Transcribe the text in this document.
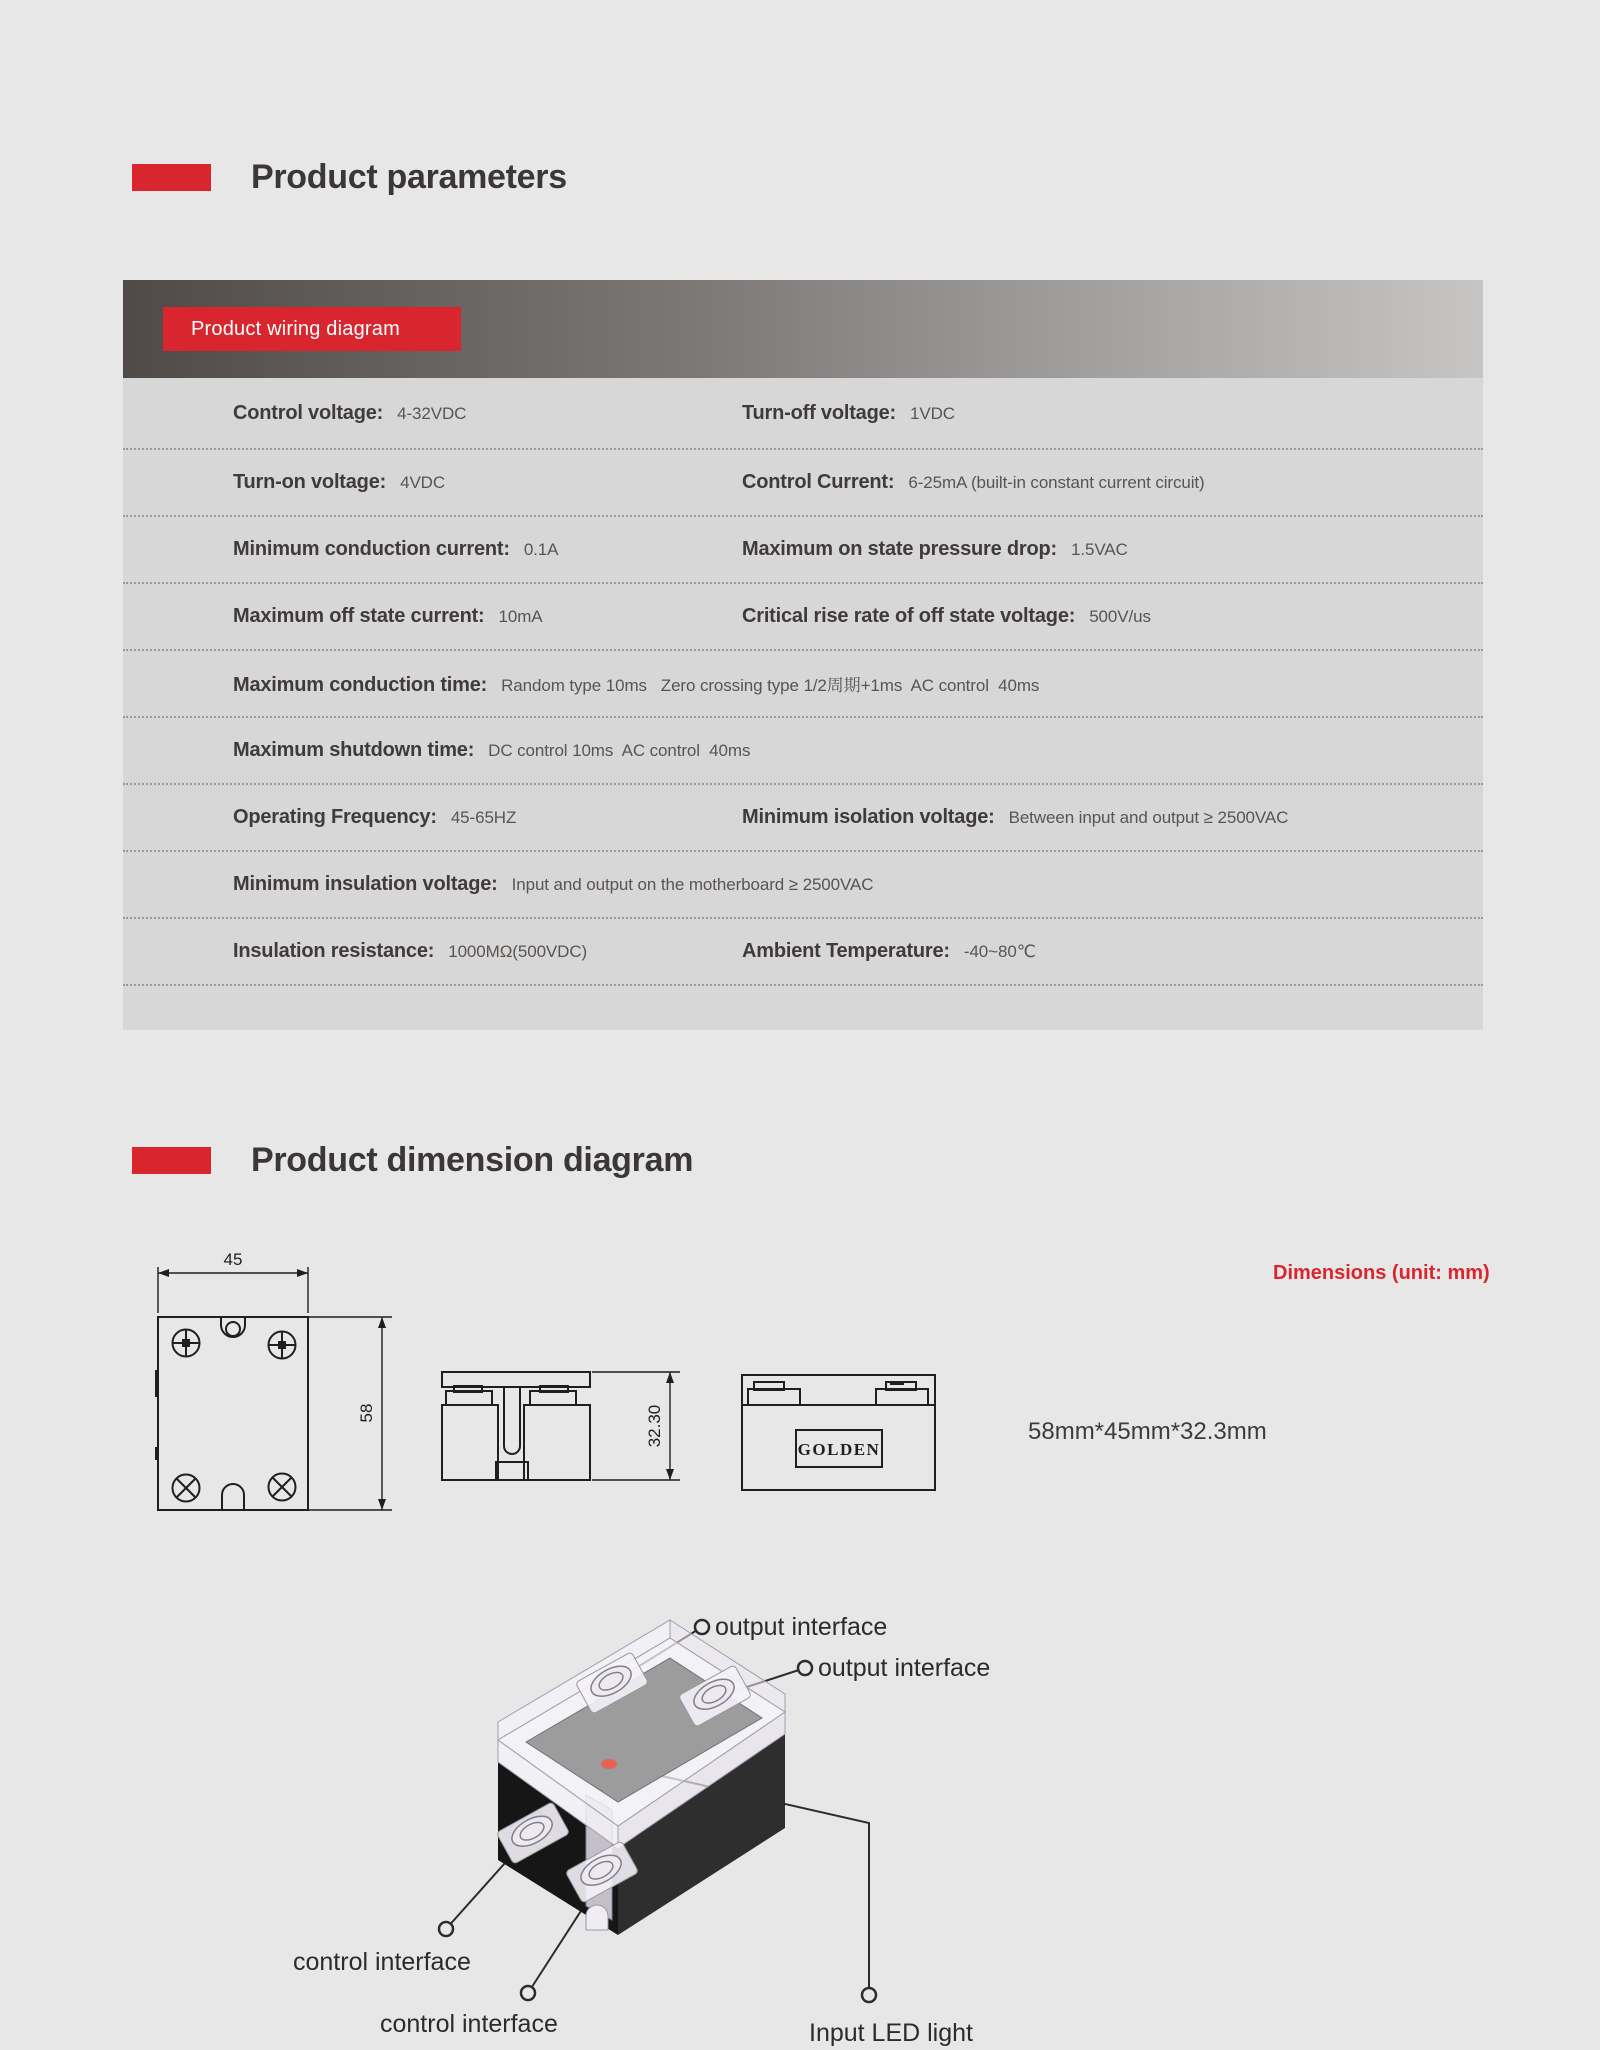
Product parameters
Product wiring diagram
Control voltage: 4-32VDC	Turn-off voltage: 1VDC
Turn-on voltage: 4VDC	Control Current: 6-25mA (built-in constant current circuit)
Minimum conduction current: 0.1A	Maximum on state pressure drop: 1.5VAC
Maximum off state current: 10mA	Critical rise rate of off state voltage: 500V/us
Maximum conduction time: Random type 10ms   Zero crossing type 1/2周期+1ms  AC control  40ms
Maximum shutdown time: DC control 10ms  AC control  40ms
Operating Frequency: 45-65HZ	Minimum isolation voltage: Between input and output ≥ 2500VAC
Minimum insulation voltage: Input and output on the motherboard ≥ 2500VAC
Insulation resistance: 1000MΩ(500VDC)	Ambient Temperature: -40~80℃
Product dimension diagram
Dimensions (unit: mm)
45
58	32.30
GOLDEN
58mm*45mm*32.3mm
output interface
output interface
control interface
control interface	Input LED light
